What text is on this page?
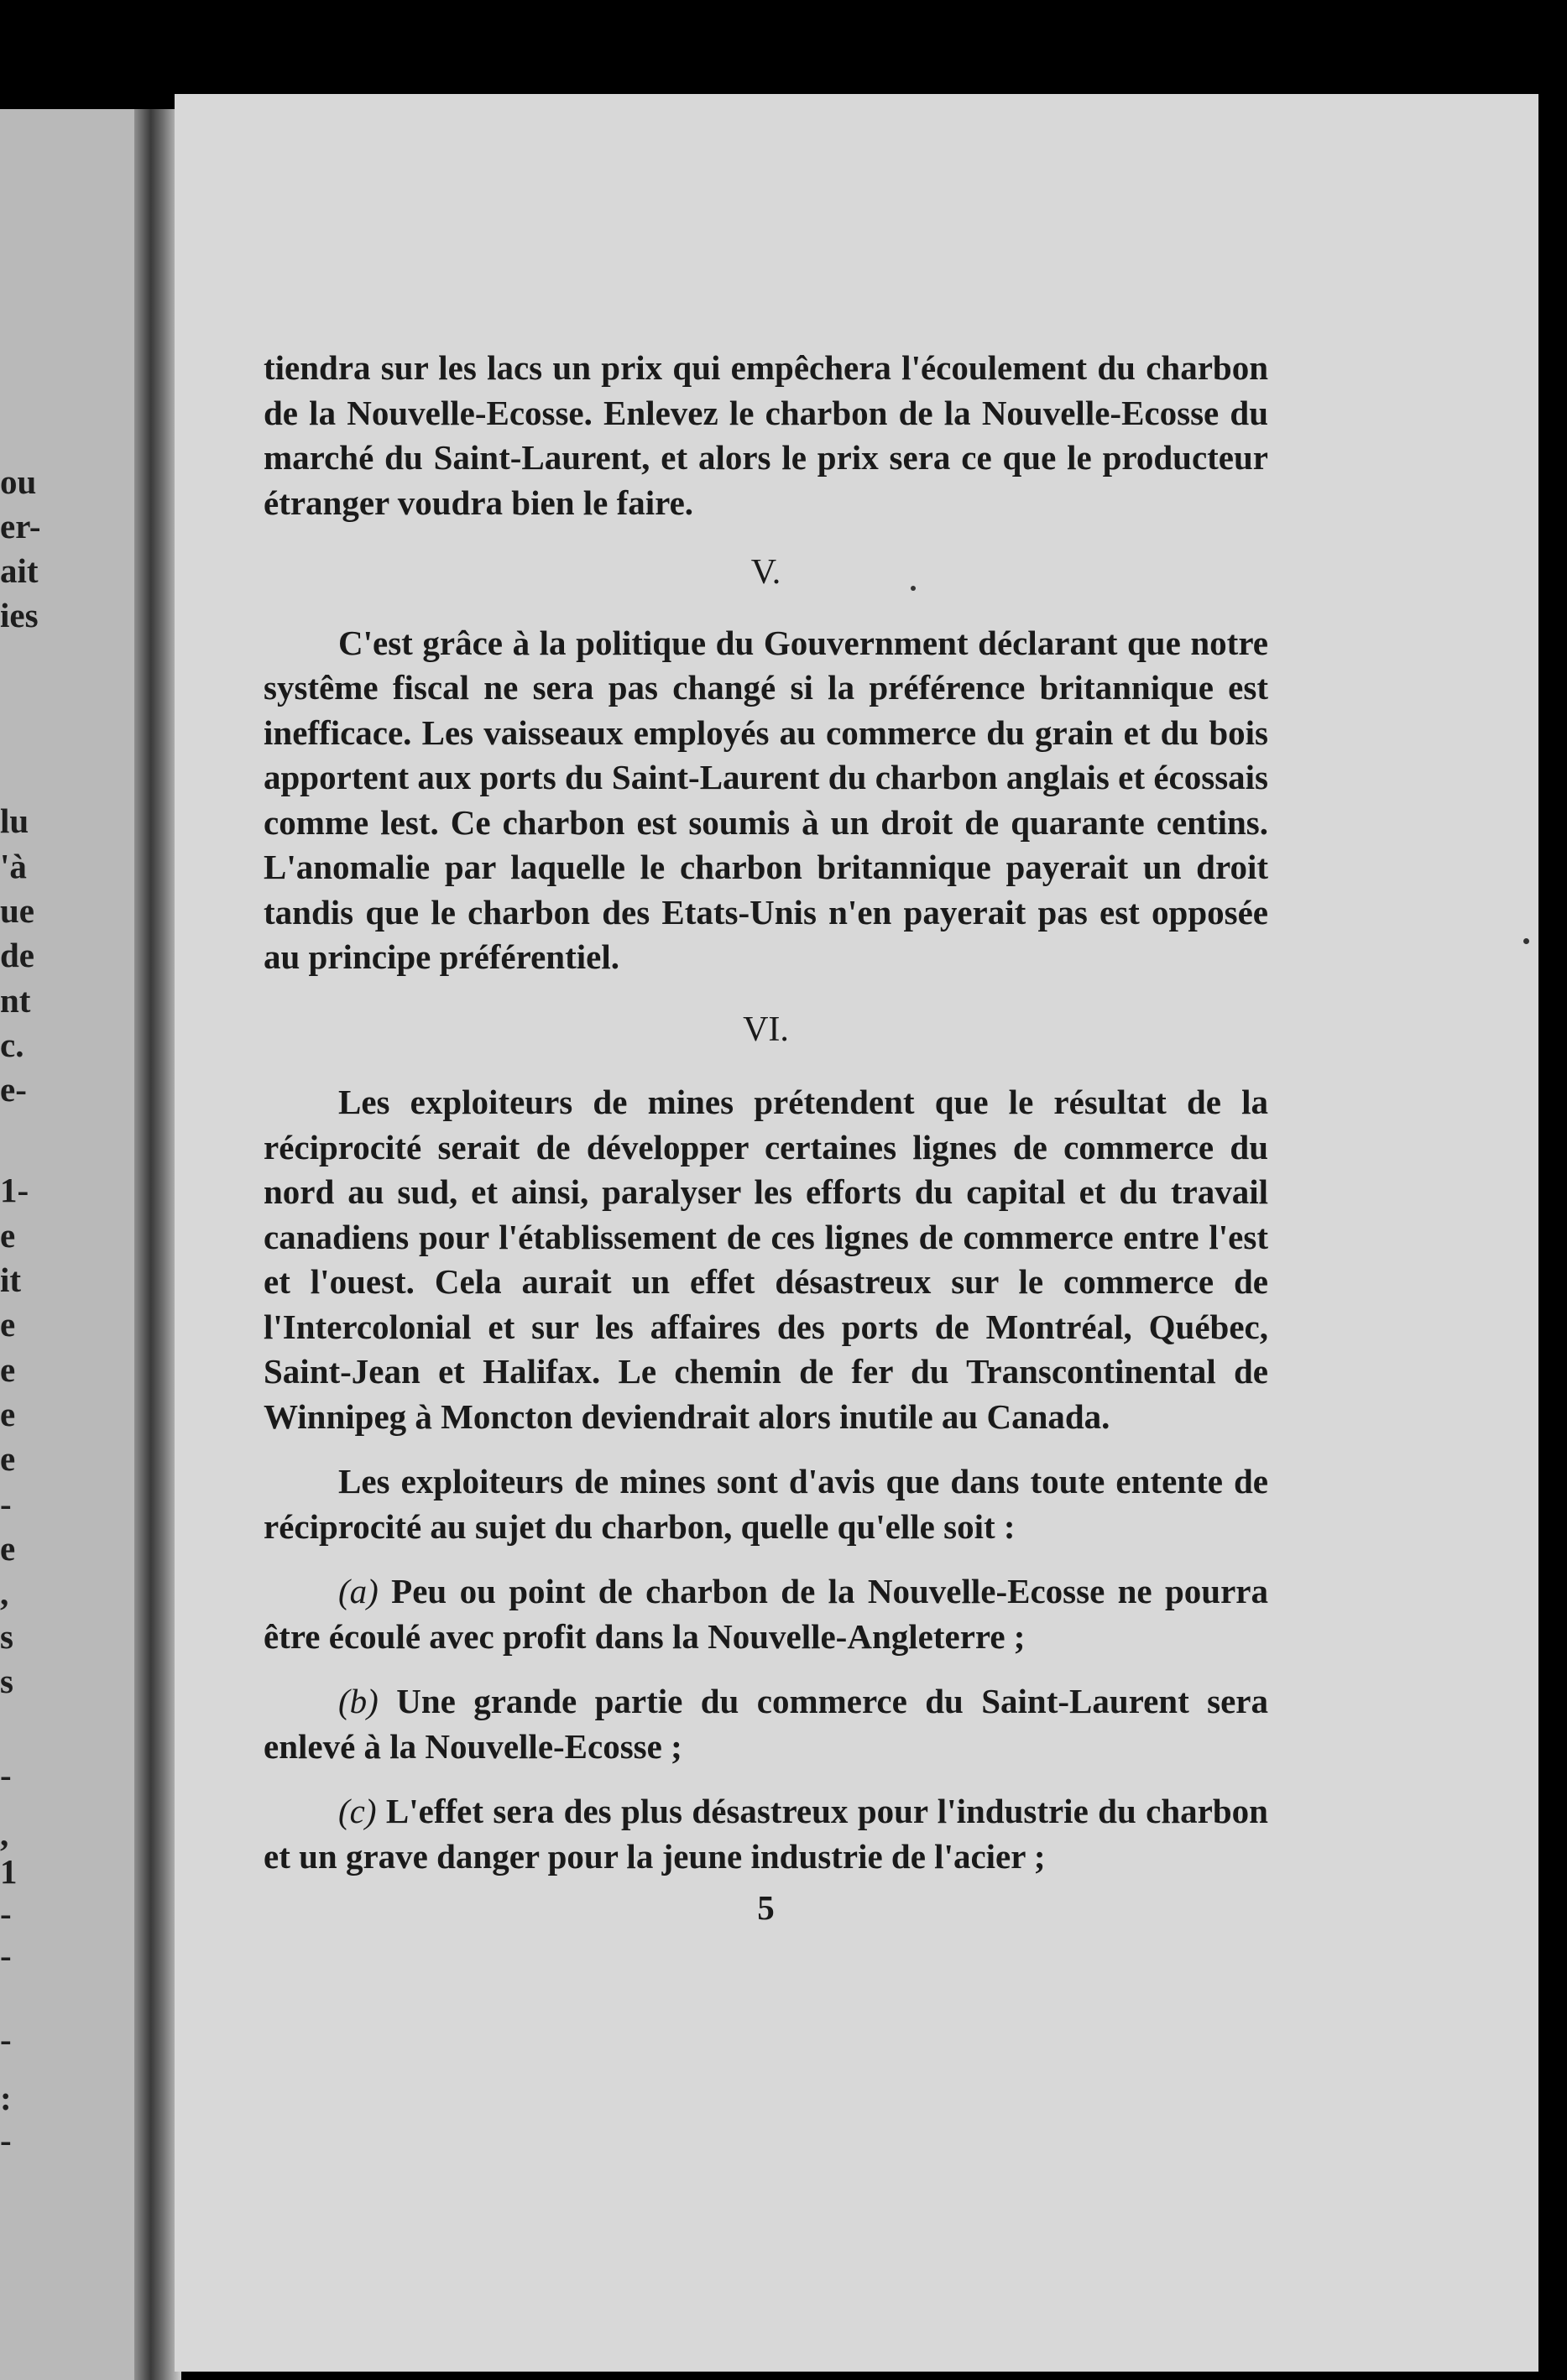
ou
er-
ait
ies
lu
'à
ue
de
nt
c.
e-
1-
e
it
e
e
e
e
-
e
,
s
s
-
,
1
-
-
-
:
-

tiendra sur les lacs un prix qui empêchera l'écoulement du charbon de la Nouvelle-Ecosse. Enlevez le charbon de la Nouvelle-Ecosse du marché du Saint-Laurent, et alors le prix sera ce que le producteur étranger voudra bien le faire.

V.

C'est grâce à la politique du Gouvernment déclarant que notre systême fiscal ne sera pas changé si la préférence britannique est inefficace. Les vaisseaux employés au commerce du grain et du bois apportent aux ports du Saint-Laurent du charbon anglais et écossais comme lest. Ce charbon est soumis à un droit de quarante centins. L'anomalie par laquelle le charbon britannique payerait un droit tandis que le charbon des Etats-Unis n'en payerait pas est opposée au principe préférentiel.

VI.

Les exploiteurs de mines prétendent que le résultat de la réciprocité serait de développer certaines lignes de commerce du nord au sud, et ainsi, paralyser les efforts du capital et du travail canadiens pour l'établissement de ces lignes de commerce entre l'est et l'ouest. Cela aurait un effet désastreux sur le commerce de l'Intercolonial et sur les affaires des ports de Montréal, Québec, Saint-Jean et Halifax. Le chemin de fer du Transcontinental de Winnipeg à Moncton deviendrait alors inutile au Canada.

Les exploiteurs de mines sont d'avis que dans toute entente de réciprocité au sujet du charbon, quelle qu'elle soit :

(a) Peu ou point de charbon de la Nouvelle-Ecosse ne pourra être écoulé avec profit dans la Nouvelle-Angleterre ;

(b) Une grande partie du commerce du Saint-Laurent sera enlevé à la Nouvelle-Ecosse ;

(c) L'effet sera des plus désastreux pour l'industrie du charbon et un grave danger pour la jeune industrie de l'acier ;

5
